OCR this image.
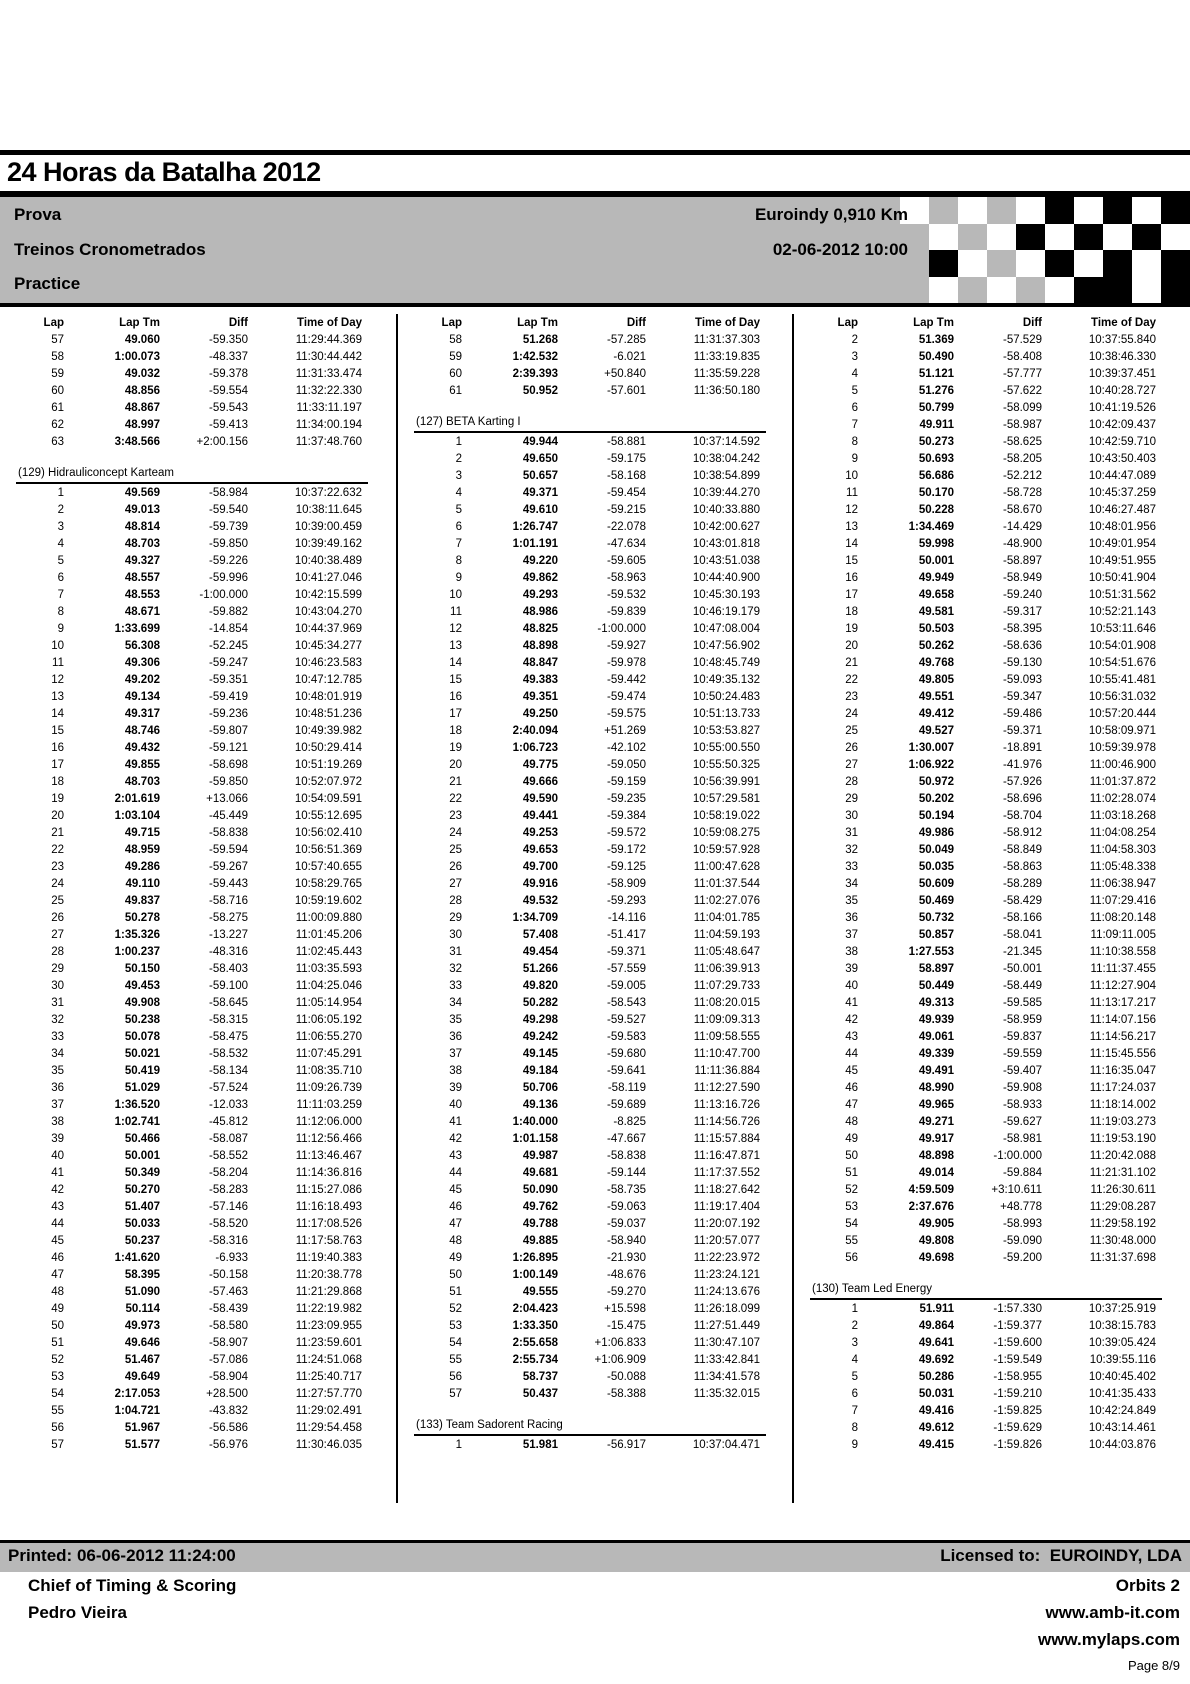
24 Horas da Batalha 2012
Prova	Euroindy 0,910 Km
Treinos Cronometrados	02-06-2012 10:00
Practice
Lap	Lap Tm	Diff	Time of Day
57	49.060	-59.350	11:29:44.369
58	1:00.073	-48.337	11:30:44.442
59	49.032	-59.378	11:31:33.474
60	48.856	-59.554	11:32:22.330
61	48.867	-59.543	11:33:11.197
62	48.997	-59.413	11:34:00.194
63	3:48.566	+2:00.156	11:37:48.760
(129) Hidrauliconcept Karteam
1	49.569	-58.984	10:37:22.632
2	49.013	-59.540	10:38:11.645
3	48.814	-59.739	10:39:00.459
4	48.703	-59.850	10:39:49.162
5	49.327	-59.226	10:40:38.489
6	48.557	-59.996	10:41:27.046
7	48.553	-1:00.000	10:42:15.599
8	48.671	-59.882	10:43:04.270
9	1:33.699	-14.854	10:44:37.969
10	56.308	-52.245	10:45:34.277
11	49.306	-59.247	10:46:23.583
12	49.202	-59.351	10:47:12.785
13	49.134	-59.419	10:48:01.919
14	49.317	-59.236	10:48:51.236
15	48.746	-59.807	10:49:39.982
16	49.432	-59.121	10:50:29.414
17	49.855	-58.698	10:51:19.269
18	48.703	-59.850	10:52:07.972
19	2:01.619	+13.066	10:54:09.591
20	1:03.104	-45.449	10:55:12.695
21	49.715	-58.838	10:56:02.410
22	48.959	-59.594	10:56:51.369
23	49.286	-59.267	10:57:40.655
24	49.110	-59.443	10:58:29.765
25	49.837	-58.716	10:59:19.602
26	50.278	-58.275	11:00:09.880
27	1:35.326	-13.227	11:01:45.206
28	1:00.237	-48.316	11:02:45.443
29	50.150	-58.403	11:03:35.593
30	49.453	-59.100	11:04:25.046
31	49.908	-58.645	11:05:14.954
32	50.238	-58.315	11:06:05.192
33	50.078	-58.475	11:06:55.270
34	50.021	-58.532	11:07:45.291
35	50.419	-58.134	11:08:35.710
36	51.029	-57.524	11:09:26.739
37	1:36.520	-12.033	11:11:03.259
38	1:02.741	-45.812	11:12:06.000
39	50.466	-58.087	11:12:56.466
40	50.001	-58.552	11:13:46.467
41	50.349	-58.204	11:14:36.816
42	50.270	-58.283	11:15:27.086
43	51.407	-57.146	11:16:18.493
44	50.033	-58.520	11:17:08.526
45	50.237	-58.316	11:17:58.763
46	1:41.620	-6.933	11:19:40.383
47	58.395	-50.158	11:20:38.778
48	51.090	-57.463	11:21:29.868
49	50.114	-58.439	11:22:19.982
50	49.973	-58.580	11:23:09.955
51	49.646	-58.907	11:23:59.601
52	51.467	-57.086	11:24:51.068
53	49.649	-58.904	11:25:40.717
54	2:17.053	+28.500	11:27:57.770
55	1:04.721	-43.832	11:29:02.491
56	51.967	-56.586	11:29:54.458
57	51.577	-56.976	11:30:46.035
Lap	Lap Tm	Diff	Time of Day
58	51.268	-57.285	11:31:37.303
59	1:42.532	-6.021	11:33:19.835
60	2:39.393	+50.840	11:35:59.228
61	50.952	-57.601	11:36:50.180
(127) BETA Karting I
1	49.944	-58.881	10:37:14.592
2	49.650	-59.175	10:38:04.242
3	50.657	-58.168	10:38:54.899
4	49.371	-59.454	10:39:44.270
5	49.610	-59.215	10:40:33.880
6	1:26.747	-22.078	10:42:00.627
7	1:01.191	-47.634	10:43:01.818
8	49.220	-59.605	10:43:51.038
9	49.862	-58.963	10:44:40.900
10	49.293	-59.532	10:45:30.193
11	48.986	-59.839	10:46:19.179
12	48.825	-1:00.000	10:47:08.004
13	48.898	-59.927	10:47:56.902
14	48.847	-59.978	10:48:45.749
15	49.383	-59.442	10:49:35.132
16	49.351	-59.474	10:50:24.483
17	49.250	-59.575	10:51:13.733
18	2:40.094	+51.269	10:53:53.827
19	1:06.723	-42.102	10:55:00.550
20	49.775	-59.050	10:55:50.325
21	49.666	-59.159	10:56:39.991
22	49.590	-59.235	10:57:29.581
23	49.441	-59.384	10:58:19.022
24	49.253	-59.572	10:59:08.275
25	49.653	-59.172	10:59:57.928
26	49.700	-59.125	11:00:47.628
27	49.916	-58.909	11:01:37.544
28	49.532	-59.293	11:02:27.076
29	1:34.709	-14.116	11:04:01.785
30	57.408	-51.417	11:04:59.193
31	49.454	-59.371	11:05:48.647
32	51.266	-57.559	11:06:39.913
33	49.820	-59.005	11:07:29.733
34	50.282	-58.543	11:08:20.015
35	49.298	-59.527	11:09:09.313
36	49.242	-59.583	11:09:58.555
37	49.145	-59.680	11:10:47.700
38	49.184	-59.641	11:11:36.884
39	50.706	-58.119	11:12:27.590
40	49.136	-59.689	11:13:16.726
41	1:40.000	-8.825	11:14:56.726
42	1:01.158	-47.667	11:15:57.884
43	49.987	-58.838	11:16:47.871
44	49.681	-59.144	11:17:37.552
45	50.090	-58.735	11:18:27.642
46	49.762	-59.063	11:19:17.404
47	49.788	-59.037	11:20:07.192
48	49.885	-58.940	11:20:57.077
49	1:26.895	-21.930	11:22:23.972
50	1:00.149	-48.676	11:23:24.121
51	49.555	-59.270	11:24:13.676
52	2:04.423	+15.598	11:26:18.099
53	1:33.350	-15.475	11:27:51.449
54	2:55.658	+1:06.833	11:30:47.107
55	2:55.734	+1:06.909	11:33:42.841
56	58.737	-50.088	11:34:41.578
57	50.437	-58.388	11:35:32.015
(133) Team Sadorent Racing
1	51.981	-56.917	10:37:04.471
Lap	Lap Tm	Diff	Time of Day
2	51.369	-57.529	10:37:55.840
3	50.490	-58.408	10:38:46.330
4	51.121	-57.777	10:39:37.451
5	51.276	-57.622	10:40:28.727
6	50.799	-58.099	10:41:19.526
7	49.911	-58.987	10:42:09.437
8	50.273	-58.625	10:42:59.710
9	50.693	-58.205	10:43:50.403
10	56.686	-52.212	10:44:47.089
11	50.170	-58.728	10:45:37.259
12	50.228	-58.670	10:46:27.487
13	1:34.469	-14.429	10:48:01.956
14	59.998	-48.900	10:49:01.954
15	50.001	-58.897	10:49:51.955
16	49.949	-58.949	10:50:41.904
17	49.658	-59.240	10:51:31.562
18	49.581	-59.317	10:52:21.143
19	50.503	-58.395	10:53:11.646
20	50.262	-58.636	10:54:01.908
21	49.768	-59.130	10:54:51.676
22	49.805	-59.093	10:55:41.481
23	49.551	-59.347	10:56:31.032
24	49.412	-59.486	10:57:20.444
25	49.527	-59.371	10:58:09.971
26	1:30.007	-18.891	10:59:39.978
27	1:06.922	-41.976	11:00:46.900
28	50.972	-57.926	11:01:37.872
29	50.202	-58.696	11:02:28.074
30	50.194	-58.704	11:03:18.268
31	49.986	-58.912	11:04:08.254
32	50.049	-58.849	11:04:58.303
33	50.035	-58.863	11:05:48.338
34	50.609	-58.289	11:06:38.947
35	50.469	-58.429	11:07:29.416
36	50.732	-58.166	11:08:20.148
37	50.857	-58.041	11:09:11.005
38	1:27.553	-21.345	11:10:38.558
39	58.897	-50.001	11:11:37.455
40	50.449	-58.449	11:12:27.904
41	49.313	-59.585	11:13:17.217
42	49.939	-58.959	11:14:07.156
43	49.061	-59.837	11:14:56.217
44	49.339	-59.559	11:15:45.556
45	49.491	-59.407	11:16:35.047
46	48.990	-59.908	11:17:24.037
47	49.965	-58.933	11:18:14.002
48	49.271	-59.627	11:19:03.273
49	49.917	-58.981	11:19:53.190
50	48.898	-1:00.000	11:20:42.088
51	49.014	-59.884	11:21:31.102
52	4:59.509	+3:10.611	11:26:30.611
53	2:37.676	+48.778	11:29:08.287
54	49.905	-58.993	11:29:58.192
55	49.808	-59.090	11:30:48.000
56	49.698	-59.200	11:31:37.698
(130) Team Led Energy
1	51.911	-1:57.330	10:37:25.919
2	49.864	-1:59.377	10:38:15.783
3	49.641	-1:59.600	10:39:05.424
4	49.692	-1:59.549	10:39:55.116
5	50.286	-1:58.955	10:40:45.402
6	50.031	-1:59.210	10:41:35.433
7	49.416	-1:59.825	10:42:24.849
8	49.612	-1:59.629	10:43:14.461
9	49.415	-1:59.826	10:44:03.876
Printed: 06-06-2012 11:24:00	Licensed to:  EUROINDY, LDA
Chief of Timing & Scoring	Orbits 2
Pedro Vieira	www.amb-it.com
www.mylaps.com
Page 8/9
